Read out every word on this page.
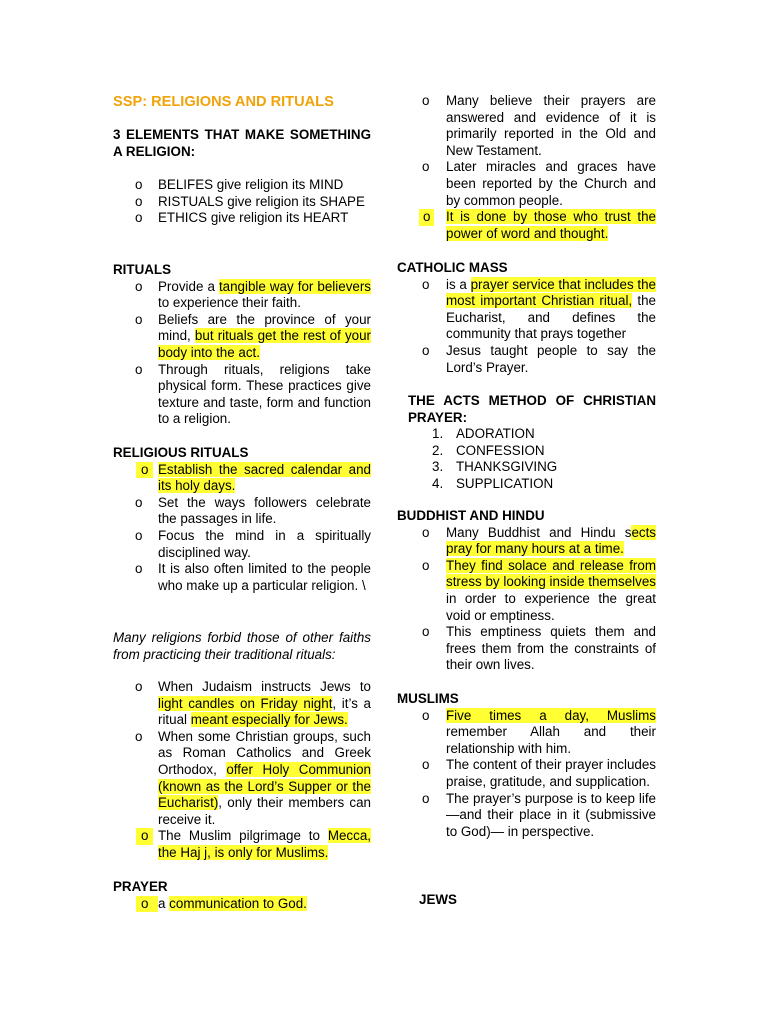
SSP: RELIGIONS AND RITUALS
3 ELEMENTS THAT MAKE SOMETHING A RELIGION:
o BELIFES give religion its MIND
o RISTUALS give religion its SHAPE
o ETHICS give religion its HEART
RITUALS
o Provide a tangible way for believers to experience their faith.
o Beliefs are the province of your mind, but rituals get the rest of your body into the act.
o Through rituals, religions take physical form. These practices give texture and taste, form and function to a religion.
RELIGIOUS RITUALS
o Establish the sacred calendar and its holy days.
o Set the ways followers celebrate the passages in life.
o Focus the mind in a spiritually disciplined way.
o It is also often limited to the people who make up a particular religion. \
Many religions forbid those of other faiths from practicing their traditional rituals:
o When Judaism instructs Jews to light candles on Friday night, it’s a ritual meant especially for Jews.
o When some Christian groups, such as Roman Catholics and Greek Orthodox, offer Holy Communion (known as the Lord’s Supper or the Eucharist), only their members can receive it.
o The Muslim pilgrimage to Mecca, the Haj j, is only for Muslims.
PRAYER
o a communication to God.
o Many believe their prayers are answered and evidence of it is primarily reported in the Old and New Testament.
o Later miracles and graces have been reported by the Church and by common people.
o It is done by those who trust the power of word and thought.
CATHOLIC MASS
o is a prayer service that includes the most important Christian ritual, the Eucharist, and defines the community that prays together
o Jesus taught people to say the Lord’s Prayer.
THE ACTS METHOD OF CHRISTIAN PRAYER:
1. ADORATION
2. CONFESSION
3. THANKSGIVING
4. SUPPLICATION
BUDDHIST AND HINDU
o Many Buddhist and Hindu sects pray for many hours at a time.
o They find solace and release from stress by looking inside themselves in order to experience the great void or emptiness.
o This emptiness quiets them and frees them from the constraints of their own lives.
MUSLIMS
o Five times a day, Muslims remember Allah and their relationship with him.
o The content of their prayer includes praise, gratitude, and supplication.
o The prayer’s purpose is to keep life—and their place in it (submissive to God)— in perspective.
JEWS
